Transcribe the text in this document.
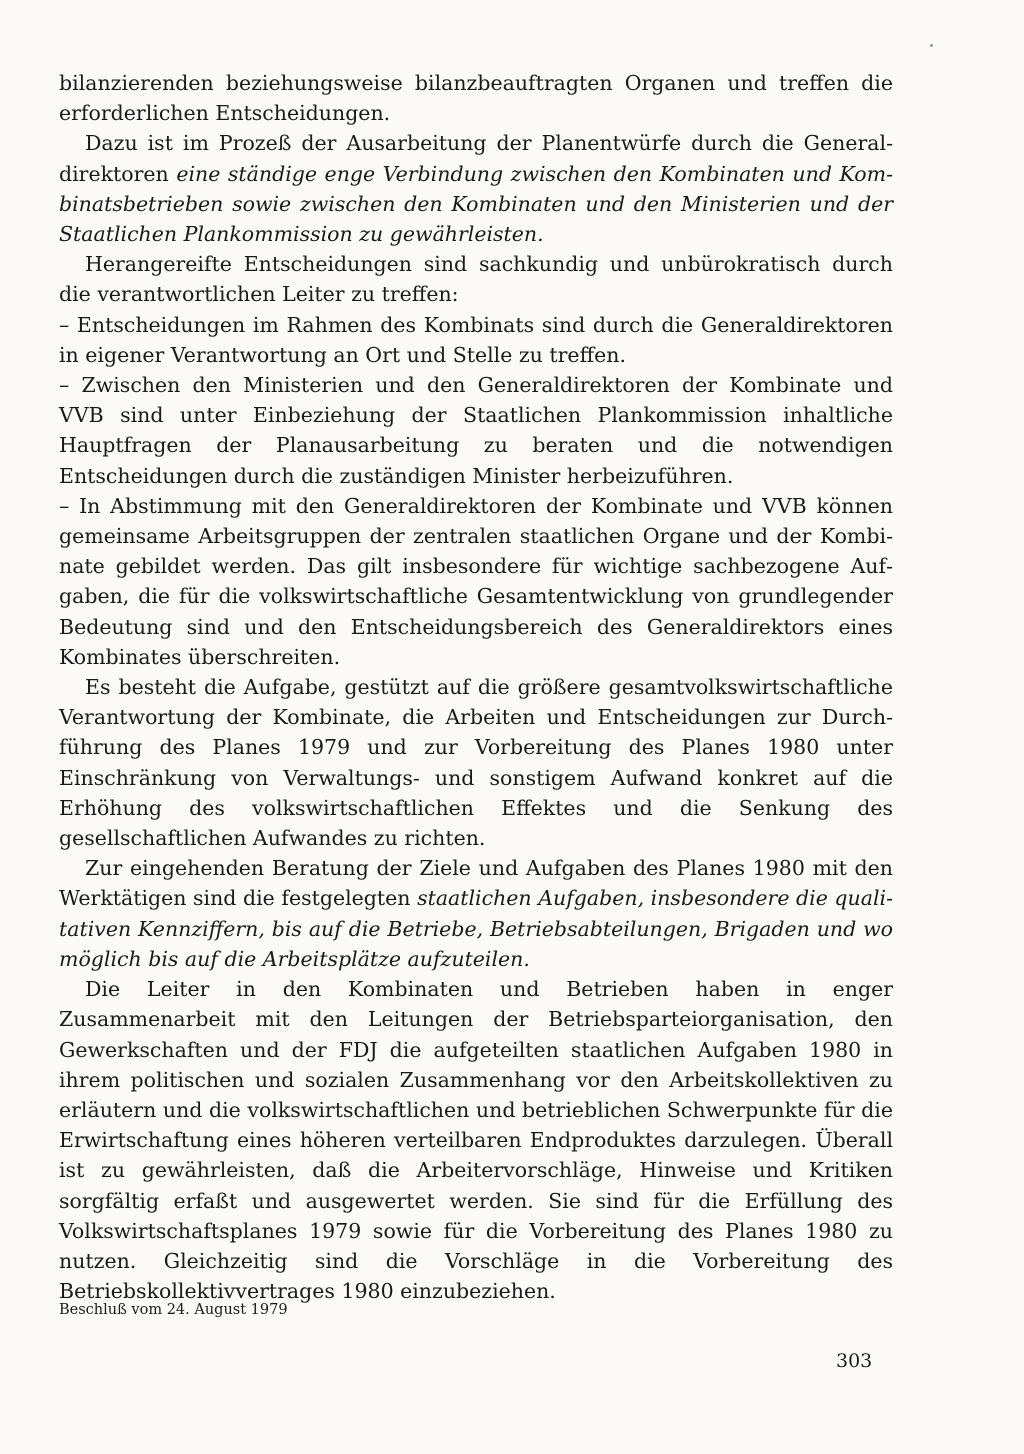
bilanzierenden beziehungsweise bilanzbeauftragten Organen und treffen die erforderlichen Entscheidungen.

Dazu ist im Prozeß der Ausarbeitung der Planentwürfe durch die Generaldirektoren eine ständige enge Verbindung zwischen den Kombinaten und Kombinatsbetrieben sowie zwischen den Kombinaten und den Ministerien und der Staatlichen Plankommission zu gewährleisten.

Herangereifte Entscheidungen sind sachkundig und unbürokratisch durch die verantwortlichen Leiter zu treffen:

– Entscheidungen im Rahmen des Kombinats sind durch die Generaldirektoren in eigener Verantwortung an Ort und Stelle zu treffen.

– Zwischen den Ministerien und den Generaldirektoren der Kombinate und VVB sind unter Einbeziehung der Staatlichen Plankommission inhaltliche Hauptfragen der Planausarbeitung zu beraten und die notwendigen Entscheidungen durch die zuständigen Minister herbeizuführen.

– In Abstimmung mit den Generaldirektoren der Kombinate und VVB können gemeinsame Arbeitsgruppen der zentralen staatlichen Organe und der Kombinate gebildet werden. Das gilt insbesondere für wichtige sachbezogene Aufgaben, die für die volkswirtschaftliche Gesamtentwicklung von grundlegender Bedeutung sind und den Entscheidungsbereich des Generaldirektors eines Kombinates überschreiten.

Es besteht die Aufgabe, gestützt auf die größere gesamtvolkswirtschaftliche Verantwortung der Kombinate, die Arbeiten und Entscheidungen zur Durchführung des Planes 1979 und zur Vorbereitung des Planes 1980 unter Einschränkung von Verwaltungs- und sonstigem Aufwand konkret auf die Erhöhung des volkswirtschaftlichen Effektes und die Senkung des gesellschaftlichen Aufwandes zu richten.

Zur eingehenden Beratung der Ziele und Aufgaben des Planes 1980 mit den Werktätigen sind die festgelegten staatlichen Aufgaben, insbesondere die qualitativen Kennziffern, bis auf die Betriebe, Betriebsabteilungen, Brigaden und wo möglich bis auf die Arbeitsplätze aufzuteilen.

Die Leiter in den Kombinaten und Betrieben haben in enger Zusammenarbeit mit den Leitungen der Betriebsparteiorganisation, den Gewerkschaften und der FDJ die aufgeteilten staatlichen Aufgaben 1980 in ihrem politischen und sozialen Zusammenhang vor den Arbeitskollektiven zu erläutern und die volkswirtschaftlichen und betrieblichen Schwerpunkte für die Erwirtschaftung eines höheren verteilbaren Endproduktes darzulegen. Überall ist zu gewährleisten, daß die Arbeitervorschläge, Hinweise und Kritiken sorgfältig erfaßt und ausgewertet werden. Sie sind für die Erfüllung des Volkswirtschaftsplanes 1979 sowie für die Vorbereitung des Planes 1980 zu nutzen. Gleichzeitig sind die Vorschläge in die Vorbereitung des Betriebskollektivvertrages 1980 einzubeziehen.

Beschluß vom 24. August 1979
303
